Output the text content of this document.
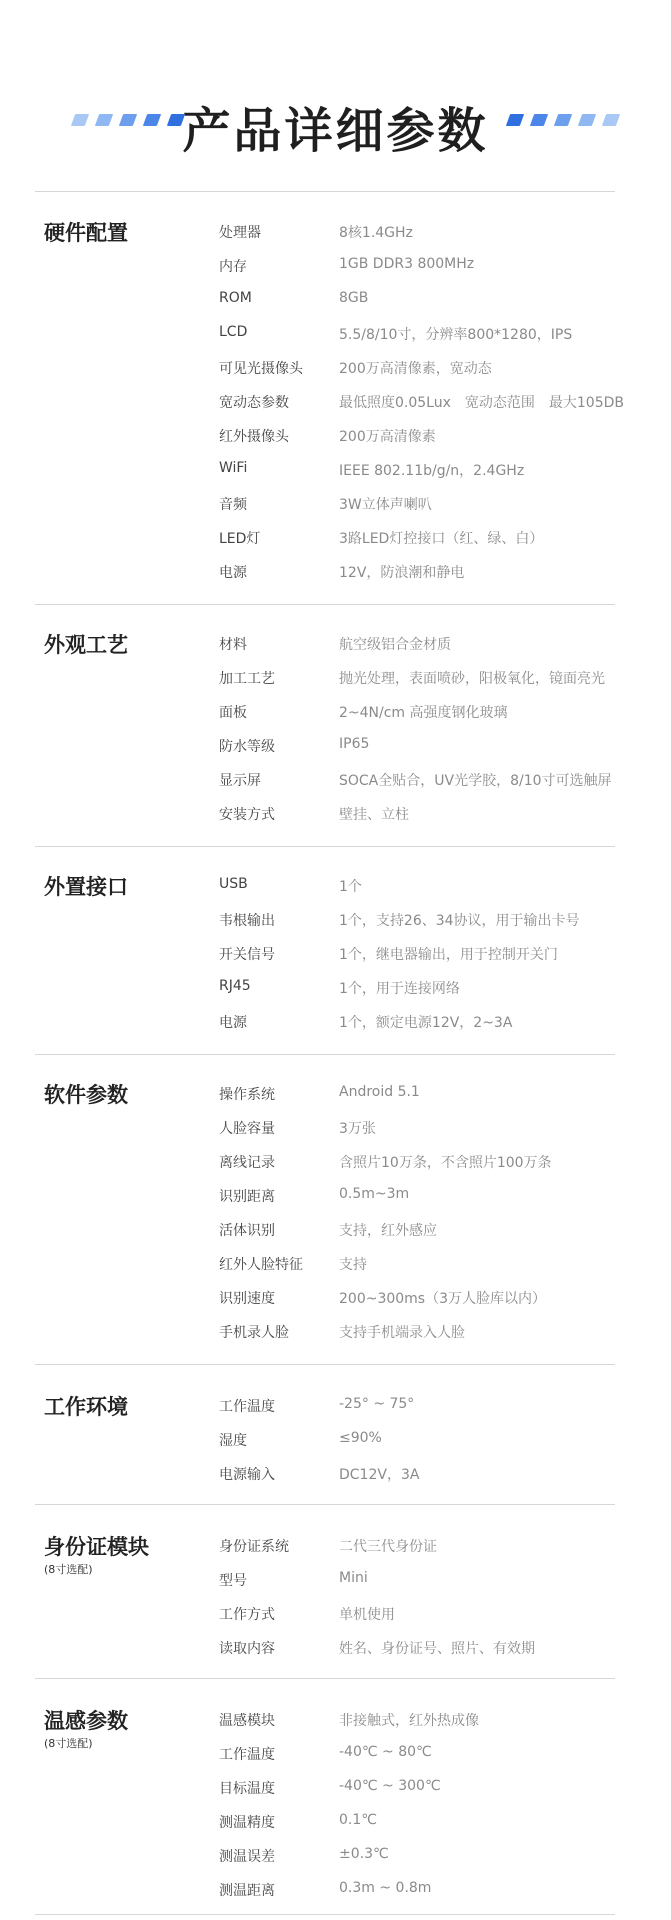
产品详细参数
硬件配置	处理器	8核1.4GHz
内存	1GB DDR3 800MHz
ROM	8GB
LCD	5.5/8/10寸，分辨率800*1280，IPS
可见光摄像头	200万高清像素，宽动态
宽动态参数	最低照度0.05Lux　宽动态范围　最大105DB
红外摄像头	200万高清像素
WiFi	IEEE 802.11b/g/n，2.4GHz
音频	3W立体声喇叭
LED灯	3路LED灯控接口（红、绿、白）
电源	12V，防浪潮和静电
外观工艺	材料	航空级铝合金材质
加工工艺	抛光处理，表面喷砂，阳极氧化，镜面亮光
面板	2~4N/cm 高强度钢化玻璃
防水等级	IP65
显示屏	SOCA全贴合，UV光学胶，8/10寸可选触屏
安装方式	壁挂、立柱
外置接口	USB	1个
韦根输出	1个，支持26、34协议，用于输出卡号
开关信号	1个，继电器输出，用于控制开关门
RJ45	1个，用于连接网络
电源	1个，额定电源12V，2~3A
软件参数	操作系统	Android 5.1
人脸容量	3万张
离线记录	含照片10万条，不含照片100万条
识别距离	0.5m~3m
活体识别	支持，红外感应
红外人脸特征	支持
识别速度	200~300ms（3万人脸库以内）
手机录人脸	支持手机端录入人脸
工作环境	工作温度	-25° ~ 75°
湿度	≤90%
电源输入	DC12V，3A
身份证模块
(8寸选配)
身份证系统	二代三代身份证
型号	Mini
工作方式	单机使用
读取内容	姓名、身份证号、照片、有效期
温感参数
(8寸选配)
温感模块	非接触式，红外热成像
工作温度	-40℃ ~ 80℃
目标温度	-40℃ ~ 300℃
测温精度	0.1℃
测温误差	±0.3℃
测温距离	0.3m ~ 0.8m
